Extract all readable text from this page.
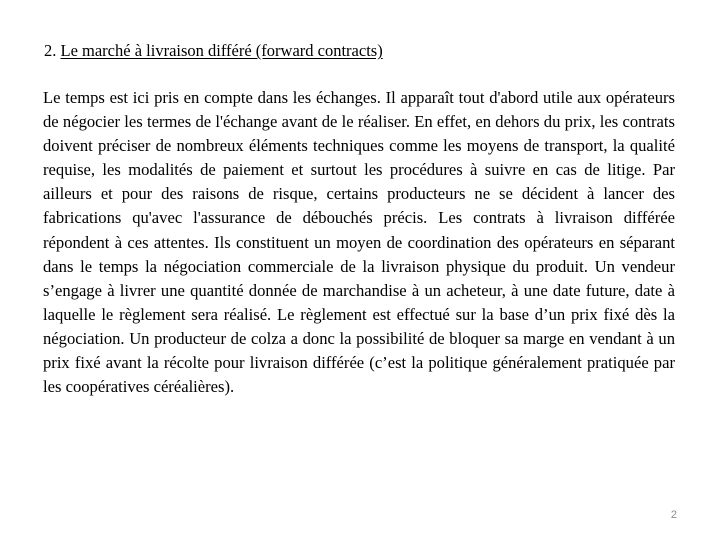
2. Le marché à livraison différé (forward contracts)

Le temps est ici pris en compte dans les échanges. Il apparaît tout d'abord utile aux opérateurs de négocier les termes de l'échange avant de le réaliser. En effet, en dehors du prix, les contrats doivent préciser de nombreux éléments techniques comme les moyens de transport, la qualité requise, les modalités de paiement et surtout les procédures à suivre en cas de litige. Par ailleurs et pour des raisons de risque, certains producteurs ne se décident à lancer des fabrications qu'avec l'assurance de débouchés précis. Les contrats à livraison différée répondent à ces attentes. Ils constituent un moyen de coordination des opérateurs en séparant dans le temps la négociation commerciale de la livraison physique du produit. Un vendeur s’engage à livrer une quantité donnée de marchandise à un acheteur, à une date future, date à laquelle le règlement sera réalisé. Le règlement est effectué sur la base d’un prix fixé dès la négociation. Un producteur de colza a donc la possibilité de bloquer sa marge en vendant à un prix fixé avant la récolte pour livraison différée (c’est la politique généralement pratiquée par les coopératives céréalières).

2
